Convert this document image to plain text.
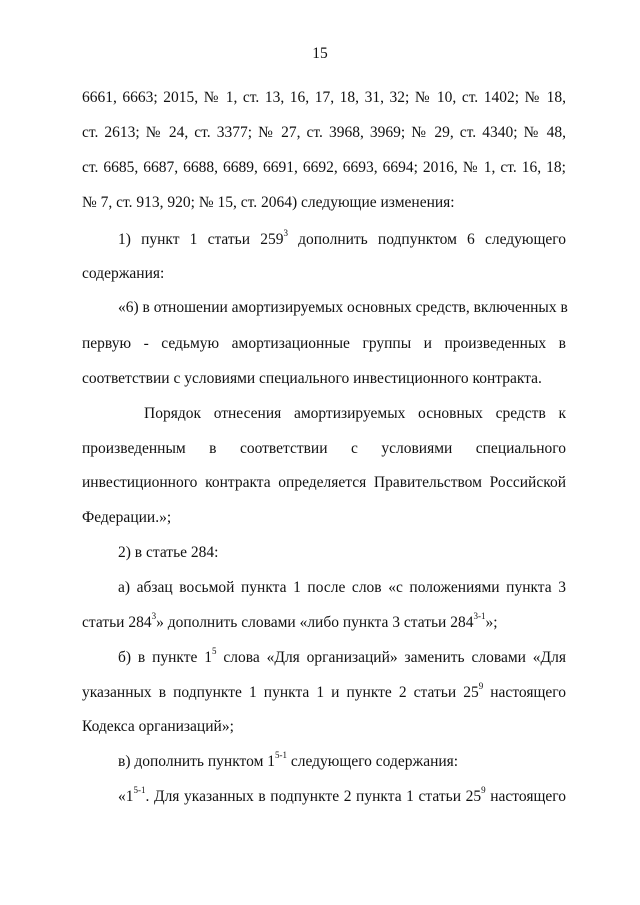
15
6661, 6663; 2015, № 1, ст. 13, 16, 17, 18, 31, 32; № 10, ст. 1402; № 18,
ст. 2613; № 24, ст. 3377; № 27, ст. 3968, 3969; № 29, ст. 4340; № 48,
ст. 6685, 6687, 6688, 6689, 6691, 6692, 6693, 6694; 2016, № 1, ст. 16, 18;
№ 7, ст. 913, 920; № 15, ст. 2064) следующие изменения:
1) пункт 1 статьи $259^3$ дополнить подпунктом 6 следующего
содержания:
«6) в отношении амортизируемых основных средств, включенных в
первую - седьмую амортизационные группы и произведенных в
соответствии с условиями специального инвестиционного контракта.
Порядок отнесения амортизируемых основных средств к
произведенным в соответствии с условиями специального
инвестиционного контракта определяется Правительством Российской
Федерации.»;
2) в статье 284:
а) абзац восьмой пункта 1 после слов «с положениями пункта 3
статьи $284^3$» дополнить словами «либо пункта 3 статьи 284$^{3-1}$»;
б) в пункте $1^5$ слова «Для организаций» заменить словами «Для
указанных в подпункте 1 пункта 1 и пункте 2 статьи $25^9$ настоящего
Кодекса организаций»;
в) дополнить пунктом 1$^{5-1}$ следующего содержания:
«1$^{5-1}$. Для указанных в подпункте 2 пункта 1 статьи $25^9$ настоящего
